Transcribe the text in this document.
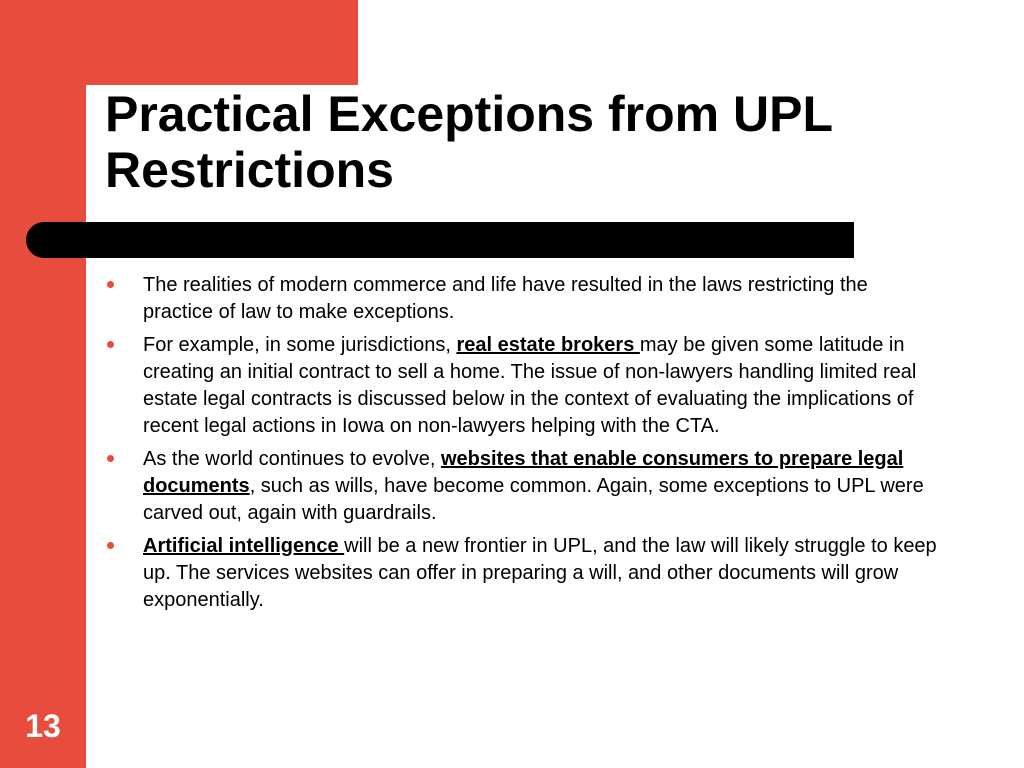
Practical Exceptions from UPL
Restrictions
The realities of modern commerce and life have resulted in the laws restricting the practice of law to make exceptions.
For example, in some jurisdictions, real estate brokers may be given some latitude in creating an initial contract to sell a home. The issue of non-lawyers handling limited real estate legal contracts is discussed below in the context of evaluating the implications of recent legal actions in Iowa on non-lawyers helping with the CTA.
As the world continues to evolve, websites that enable consumers to prepare legal documents, such as wills, have become common. Again, some exceptions to UPL were carved out, again with guardrails.
Artificial intelligence will be a new frontier in UPL, and the law will likely struggle to keep up. The services websites can offer in preparing a will, and other documents will grow exponentially.
13
